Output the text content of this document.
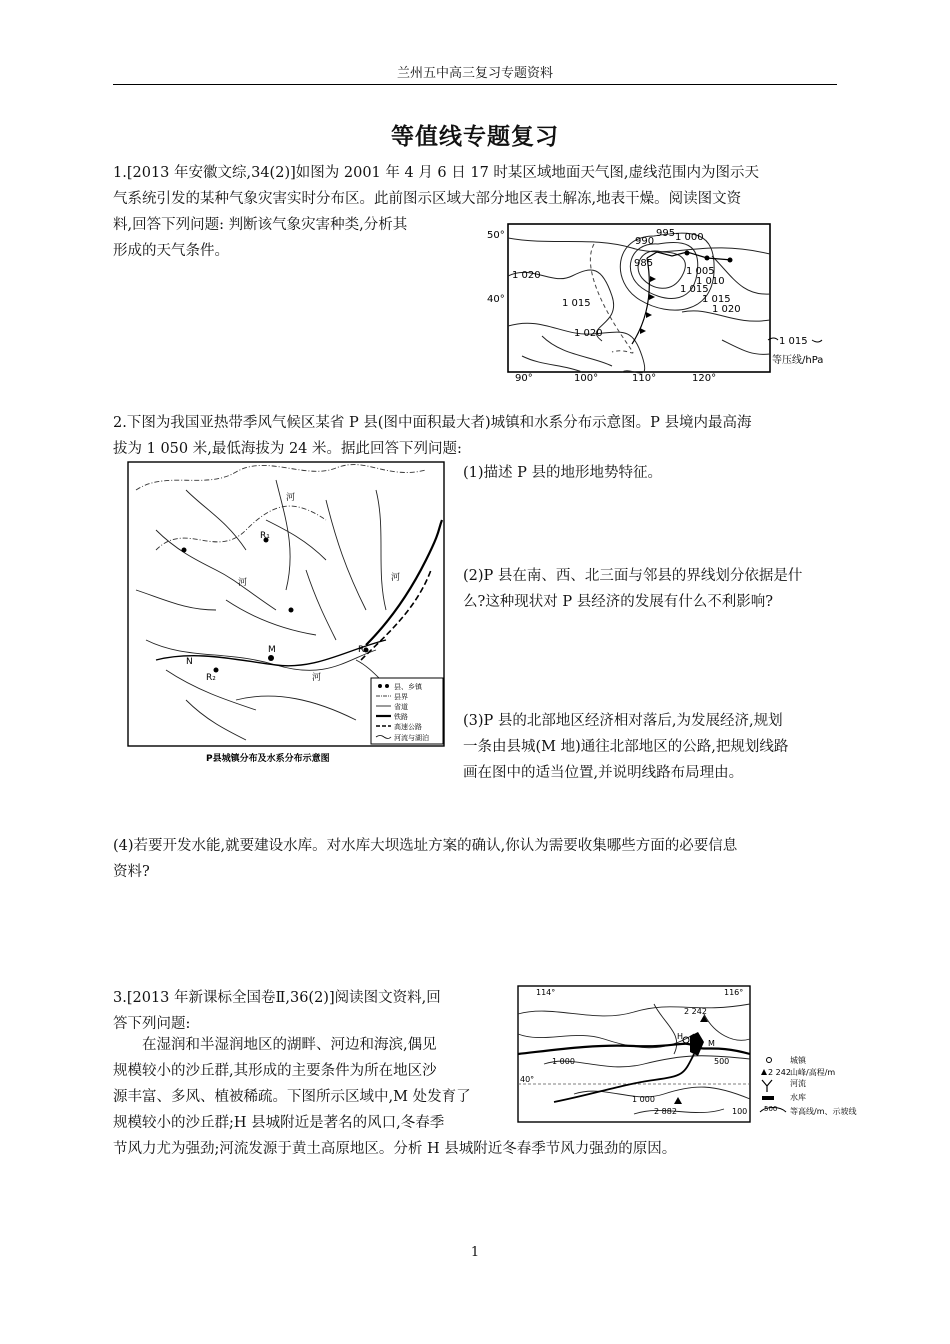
兰州五中高三复习专题资料
等值线专题复习
1.[2013 年安徽文综,34(2)]如图为 2001 年 4 月 6 日 17 时某区域地面天气图,虚线范围内为图示天
气系统引发的某种气象灾害实时分布区。此前图示区域大部分地区表土解冻,地表干燥。阅读图文资
料,回答下列问题: 判断该气象灾害种类,分析其
形成的天气条件。
50°
40°
90°	100°	110°	120°
990
995 1 000
985
1 005
1 010
1 015
1 020
1 020
1 015
1 020
1 015
1 015
等压线/hPa
2.下图为我国亚热带季风气候区某省 P 县(图中面积最大者)城镇和水系分布示意图。P 县境内最高海
拔为 1 050 米,最低海拔为 24 米。据此回答下列问题:
M
N
R₁
R₂
R₃
河
河	河
河
县、乡镇
县界
省道
铁路
高速公路
河流与湖泊
P县城镇分布及水系分布示意图
(1)描述 P 县的地形地势特征。
(2)P 县在南、西、北三面与邻县的界线划分依据是什
么?这种现状对 P 县经济的发展有什么不利影响?
(3)P 县的北部地区经济相对落后,为发展经济,规划
一条由县城(M 地)通往北部地区的公路,把规划线路
画在图中的适当位置,并说明线路布局理由。
(4)若要开发水能,就要建设水库。对水库大坝选址方案的确认,你认为需要收集哪些方面的必要信息
资料?
3.[2013 年新课标全国卷Ⅱ,36(2)]阅读图文资料,回
答下列问题:
　　在湿润和半湿润地区的湖畔、河边和海滨,偶见
规模较小的沙丘群,其形成的主要条件为所在地区沙
源丰富、多风、植被稀疏。下图所示区域中,M 处发育了
规模较小的沙丘群;H 县城附近是著名的风口,冬春季
节风力尤为强劲;河流发源于黄土高原地区。分析 H 县城附近冬春季节风力强劲的原因。
114°	116°
40°
2 242
H
M
1 000
1 000
2 882
500
100
城镇
2 242 山峰/高程/m
河流
水库
500 等高线/m、示坡线
1
